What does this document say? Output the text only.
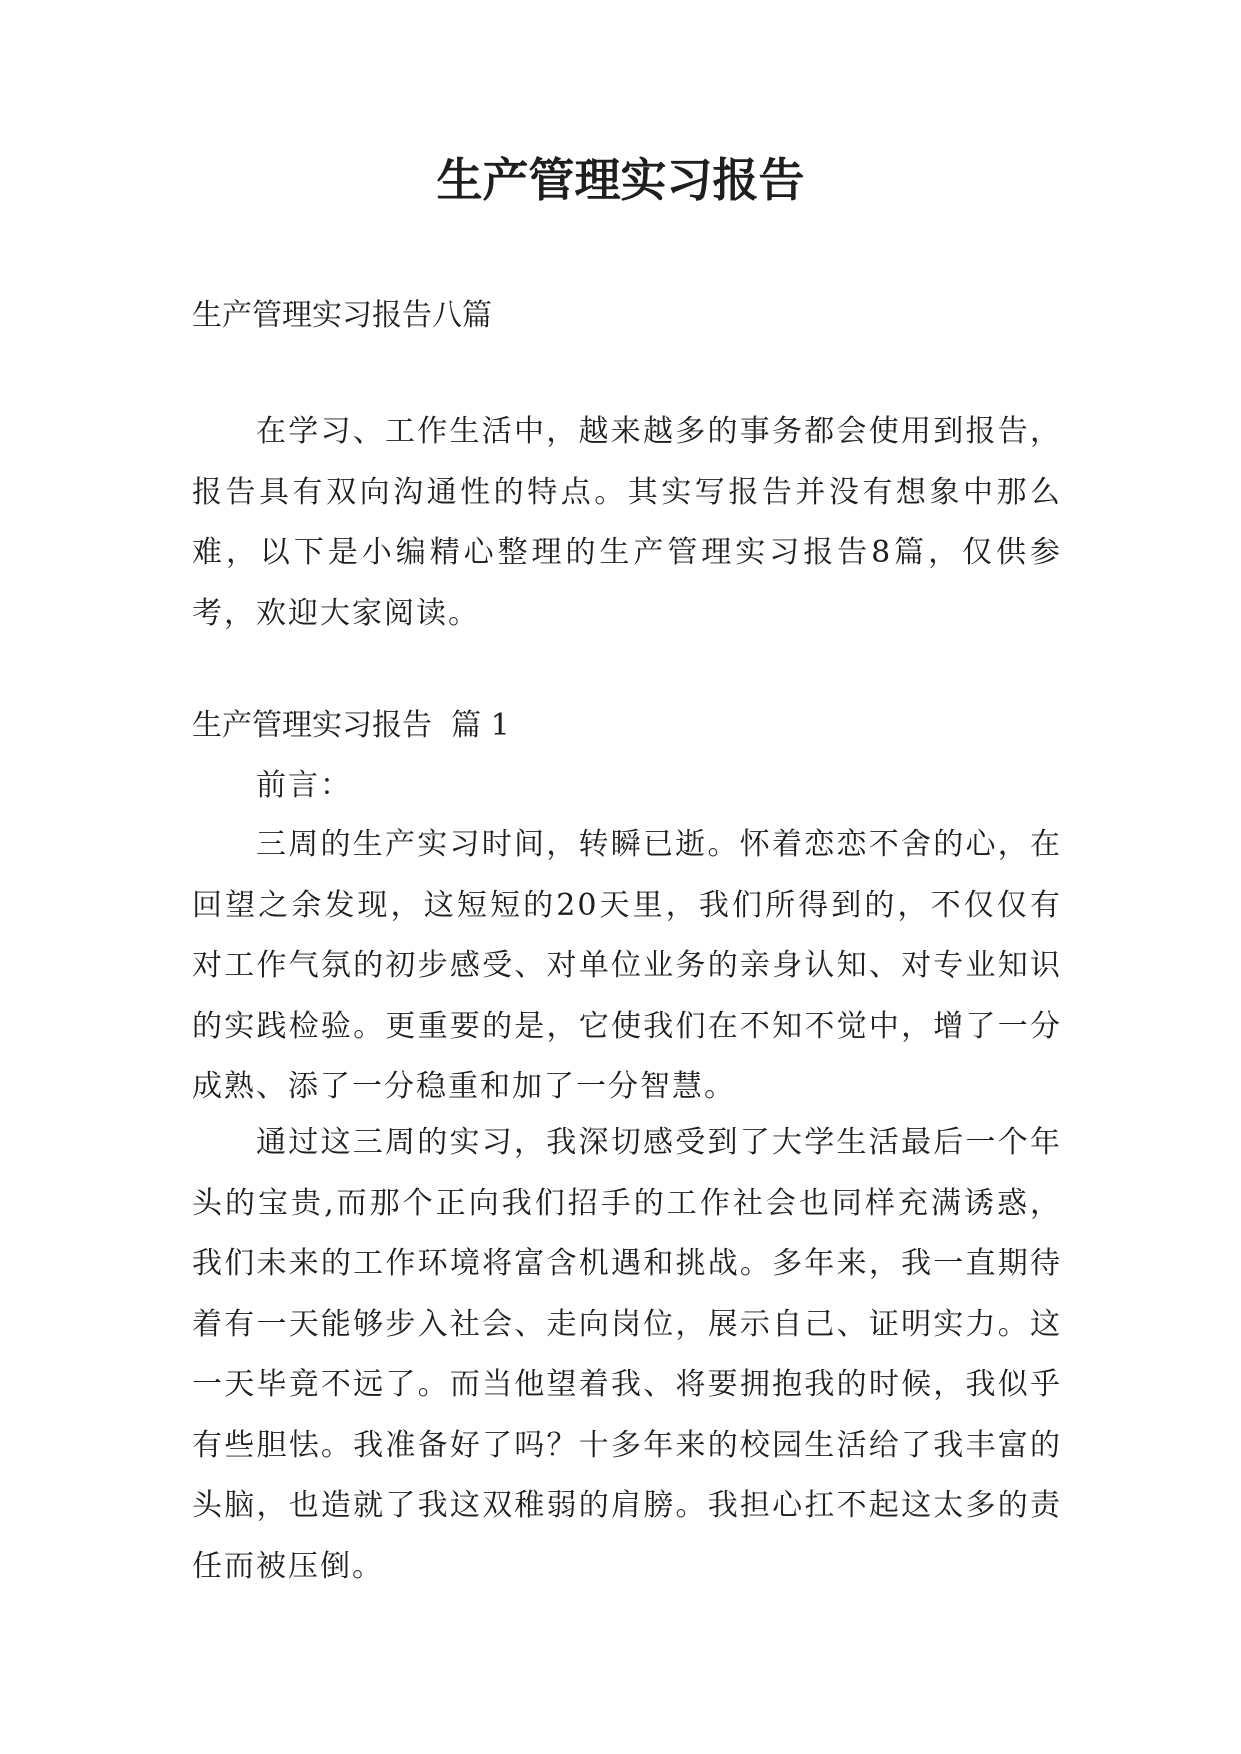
生产管理实习报告

生产管理实习报告八篇

在学习、工作生活中，越来越多的事务都会使用到报告，报告具有双向沟通性的特点。其实写报告并没有想象中那么难，以下是小编精心整理的生产管理实习报告8篇，仅供参考，欢迎大家阅读。

生产管理实习报告  篇 1

前言：

三周的生产实习时间，转瞬已逝。怀着恋恋不舍的心，在回望之余发现，这短短的20天里，我们所得到的，不仅仅有对工作气氛的初步感受、对单位业务的亲身认知、对专业知识的实践检验。更重要的是，它使我们在不知不觉中，增了一分成熟、添了一分稳重和加了一分智慧。

通过这三周的实习，我深切感受到了大学生活最后一个年头的宝贵,而那个正向我们招手的工作社会也同样充满诱惑，我们未来的工作环境将富含机遇和挑战。多年来，我一直期待着有一天能够步入社会、走向岗位，展示自己、证明实力。这一天毕竟不远了。而当他望着我、将要拥抱我的时候，我似乎有些胆怯。我准备好了吗？十多年来的校园生活给了我丰富的头脑，也造就了我这双稚弱的肩膀。我担心扛不起这太多的责任而被压倒。
